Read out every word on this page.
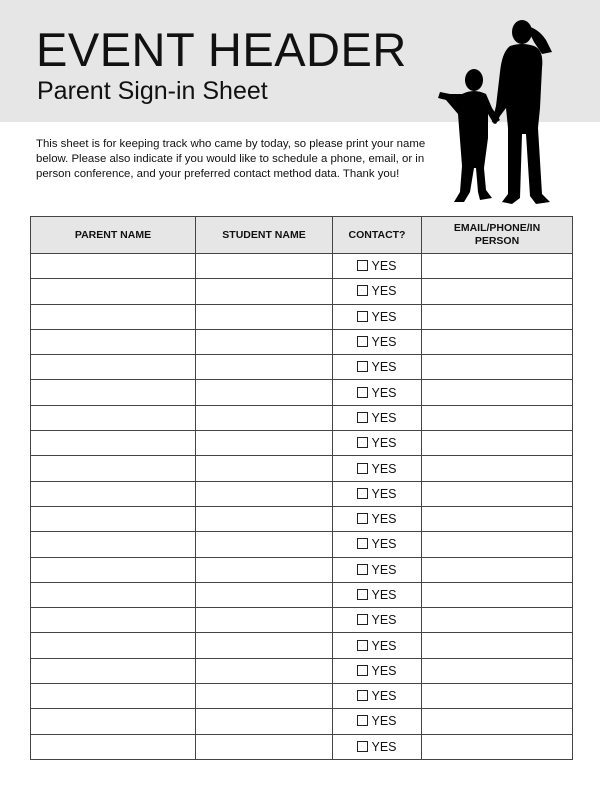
EVENT HEADER
Parent Sign-in Sheet

This sheet is for keeping track who came by today, so please print your name below. Please also indicate if you would like to schedule a phone, email, or in person conference, and your preferred contact method data. Thank you!

PARENT NAME	STUDENT NAME	CONTACT?	EMAIL/PHONE/IN PERSON
		YES	
		YES	
		YES	
		YES	
		YES	
		YES	
		YES	
		YES	
		YES	
		YES	
		YES	
		YES	
		YES	
		YES	
		YES	
		YES	
		YES	
		YES	
		YES	
		YES	
